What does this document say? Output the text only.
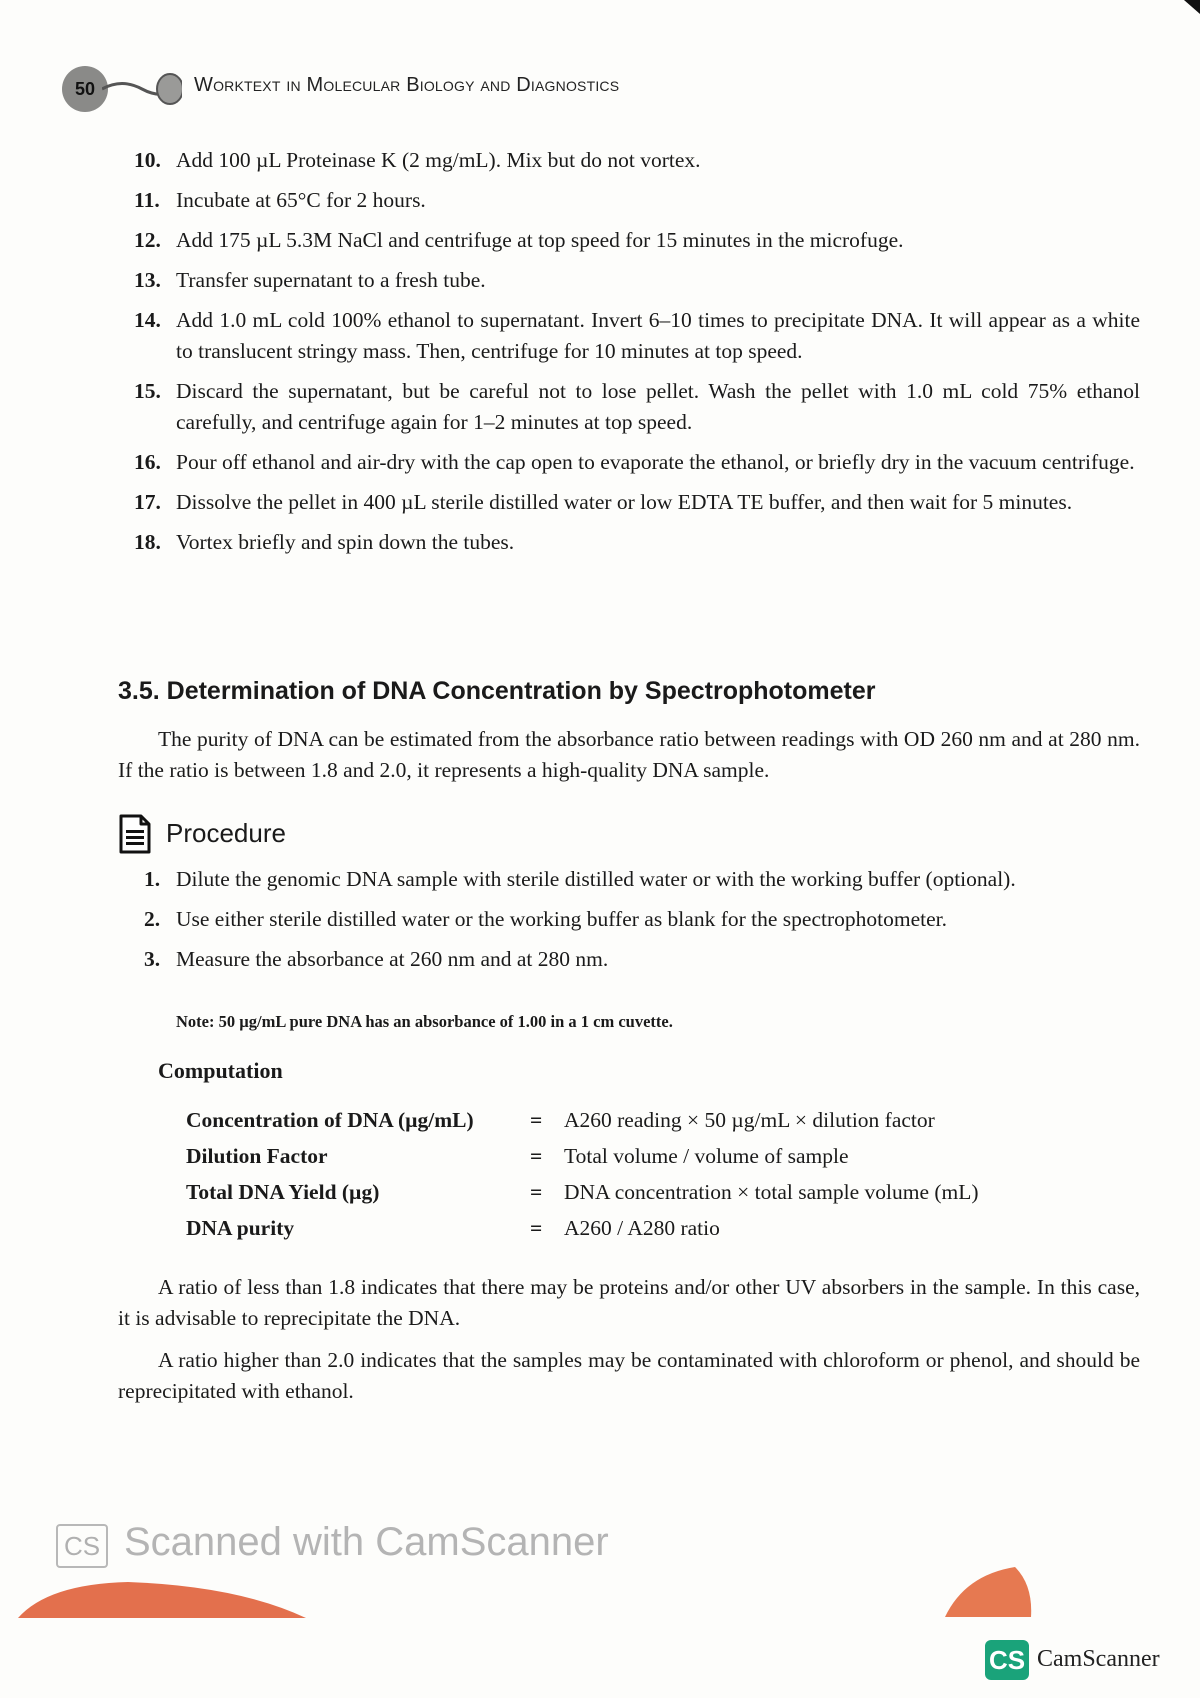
50	Worktext in Molecular Biology and Diagnostics
10. Add 100 µL Proteinase K (2 mg/mL). Mix but do not vortex.
11. Incubate at 65°C for 2 hours.
12. Add 175 µL 5.3M NaCl and centrifuge at top speed for 15 minutes in the microfuge.
13. Transfer supernatant to a fresh tube.
14. Add 1.0 mL cold 100% ethanol to supernatant. Invert 6–10 times to precipitate DNA. It will appear as a white to translucent stringy mass. Then, centrifuge for 10 minutes at top speed.
15. Discard the supernatant, but be careful not to lose pellet. Wash the pellet with 1.0 mL cold 75% ethanol carefully, and centrifuge again for 1–2 minutes at top speed.
16. Pour off ethanol and air-dry with the cap open to evaporate the ethanol, or briefly dry in the vacuum centrifuge.
17. Dissolve the pellet in 400 µL sterile distilled water or low EDTA TE buffer, and then wait for 5 minutes.
18. Vortex briefly and spin down the tubes.
3.5. Determination of DNA Concentration by Spectrophotometer

The purity of DNA can be estimated from the absorbance ratio between readings with OD 260 nm and at 280 nm. If the ratio is between 1.8 and 2.0, it represents a high-quality DNA sample.

Procedure
1. Dilute the genomic DNA sample with sterile distilled water or with the working buffer (optional).
2. Use either sterile distilled water or the working buffer as blank for the spectrophotometer.
3. Measure the absorbance at 260 nm and at 280 nm.
Note: 50 µg/mL pure DNA has an absorbance of 1.00 in a 1 cm cuvette.
Computation
Concentration of DNA (µg/mL)	= A260 reading × 50 µg/mL × dilution factor
Dilution Factor	= Total volume / volume of sample
Total DNA Yield (µg)	= DNA concentration × total sample volume (mL)
DNA purity	= A260 / A280 ratio

A ratio of less than 1.8 indicates that there may be proteins and/or other UV absorbers in the sample. In this case, it is advisable to reprecipitate the DNA.

A ratio higher than 2.0 indicates that the samples may be contaminated with chloroform or phenol, and should be reprecipitated with ethanol.

CS Scanned with CamScanner
CS CamScanner
